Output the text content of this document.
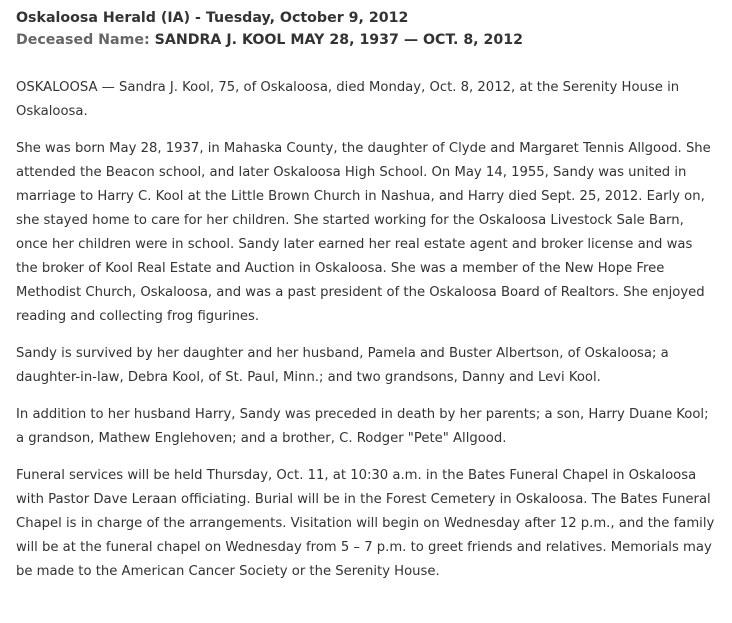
Oskaloosa Herald (IA) - Tuesday, October 9, 2012
Deceased Name: SANDRA J. KOOL MAY 28, 1937 — OCT. 8, 2012

OSKALOOSA — Sandra J. Kool, 75, of Oskaloosa, died Monday, Oct. 8, 2012, at the Serenity House in Oskaloosa.

She was born May 28, 1937, in Mahaska County, the daughter of Clyde and Margaret Tennis Allgood. She attended the Beacon school, and later Oskaloosa High School. On May 14, 1955, Sandy was united in marriage to Harry C. Kool at the Little Brown Church in Nashua, and Harry died Sept. 25, 2012. Early on, she stayed home to care for her children. She started working for the Oskaloosa Livestock Sale Barn, once her children were in school. Sandy later earned her real estate agent and broker license and was the broker of Kool Real Estate and Auction in Oskaloosa. She was a member of the New Hope Free Methodist Church, Oskaloosa, and was a past president of the Oskaloosa Board of Realtors. She enjoyed reading and collecting frog figurines.

Sandy is survived by her daughter and her husband, Pamela and Buster Albertson, of Oskaloosa; a daughter-in-law, Debra Kool, of St. Paul, Minn.; and two grandsons, Danny and Levi Kool.

In addition to her husband Harry, Sandy was preceded in death by her parents; a son, Harry Duane Kool; a grandson, Mathew Englehoven; and a brother, C. Rodger "Pete" Allgood.

Funeral services will be held Thursday, Oct. 11, at 10:30 a.m. in the Bates Funeral Chapel in Oskaloosa with Pastor Dave Leraan officiating. Burial will be in the Forest Cemetery in Oskaloosa. The Bates Funeral Chapel is in charge of the arrangements. Visitation will begin on Wednesday after 12 p.m., and the family will be at the funeral chapel on Wednesday from 5 – 7 p.m. to greet friends and relatives. Memorials may be made to the American Cancer Society or the Serenity House.
